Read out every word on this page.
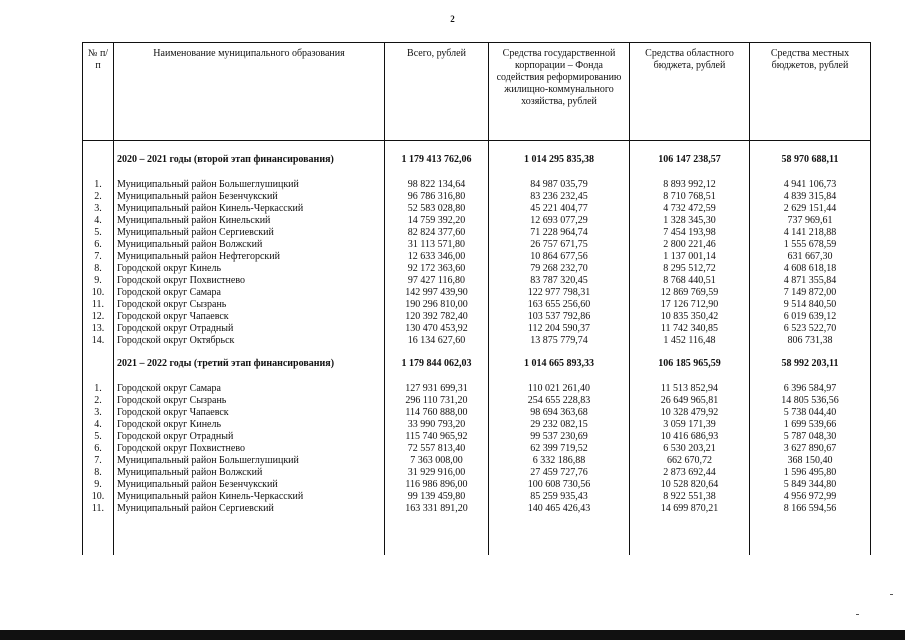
2
№ п/п	Наименование муниципального образования	Всего, рублей	Средства государственной корпорации – Фонда содействия реформированию жилищно-коммунального хозяйства, рублей	Средства областного бюджета, рублей	Средства местных бюджетов, рублей

	2020 – 2021 годы (второй этап финансирования)	1 179 413 762,06	1 014 295 835,38	106 147 238,57	58 970 688,11

1.	Муниципальный район Большеглушицкий	98 822 134,64	84 987 035,79	8 893 992,12	4 941 106,73
2.	Муниципальный район Безенчукский	96 786 316,80	83 236 232,45	8 710 768,51	4 839 315,84
3.	Муниципальный район Кинель-Черкасский	52 583 028,80	45 221 404,77	4 732 472,59	2 629 151,44
4.	Муниципальный район Кинельский	14 759 392,20	12 693 077,29	1 328 345,30	737 969,61
5.	Муниципальный район Сергиевский	82 824 377,60	71 228 964,74	7 454 193,98	4 141 218,88
6.	Муниципальный район Волжский	31 113 571,80	26 757 671,75	2 800 221,46	1 555 678,59
7.	Муниципальный район Нефтегорский	12 633 346,00	10 864 677,56	1 137 001,14	631 667,30
8.	Городской округ Кинель	92 172 363,60	79 268 232,70	8 295 512,72	4 608 618,18
9.	Городской округ Похвистнево	97 427 116,80	83 787 320,45	8 768 440,51	4 871 355,84
10.	Городской округ Самара	142 997 439,90	122 977 798,31	12 869 769,59	7 149 872,00
11.	Городской округ Сызрань	190 296 810,00	163 655 256,60	17 126 712,90	9 514 840,50
12.	Городской округ Чапаевск	120 392 782,40	103 537 792,86	10 835 350,42	6 019 639,12
13.	Городской округ Отрадный	130 470 453,92	112 204 590,37	11 742 340,85	6 523 522,70
14.	Городской округ Октябрьск	16 134 627,60	13 875 779,74	1 452 116,48	806 731,38

	2021 – 2022 годы (третий этап финансирования)	1 179 844 062,03	1 014 665 893,33	106 185 965,59	58 992 203,11

1.	Городской округ Самара	127 931 699,31	110 021 261,40	11 513 852,94	6 396 584,97
2.	Городской округ Сызрань	296 110 731,20	254 655 228,83	26 649 965,81	14 805 536,56
3.	Городской округ Чапаевск	114 760 888,00	98 694 363,68	10 328 479,92	5 738 044,40
4.	Городской округ Кинель	33 990 793,20	29 232 082,15	3 059 171,39	1 699 539,66
5.	Городской округ Отрадный	115 740 965,92	99 537 230,69	10 416 686,93	5 787 048,30
6.	Городской округ Похвистнево	72 557 813,40	62 399 719,52	6 530 203,21	3 627 890,67
7.	Муниципальный район Большеглушицкий	7 363 008,00	6 332 186,88	662 670,72	368 150,40
8.	Муниципальный район Волжский	31 929 916,00	27 459 727,76	2 873 692,44	1 596 495,80
9.	Муниципальный район Безенчукский	116 986 896,00	100 608 730,56	10 528 820,64	5 849 344,80
10.	Муниципальный район Кинель-Черкасский	99 139 459,80	85 259 935,43	8 922 551,38	4 956 972,99
11.	Муниципальный район Сергиевский	163 331 891,20	140 465 426,43	14 699 870,21	8 166 594,56
